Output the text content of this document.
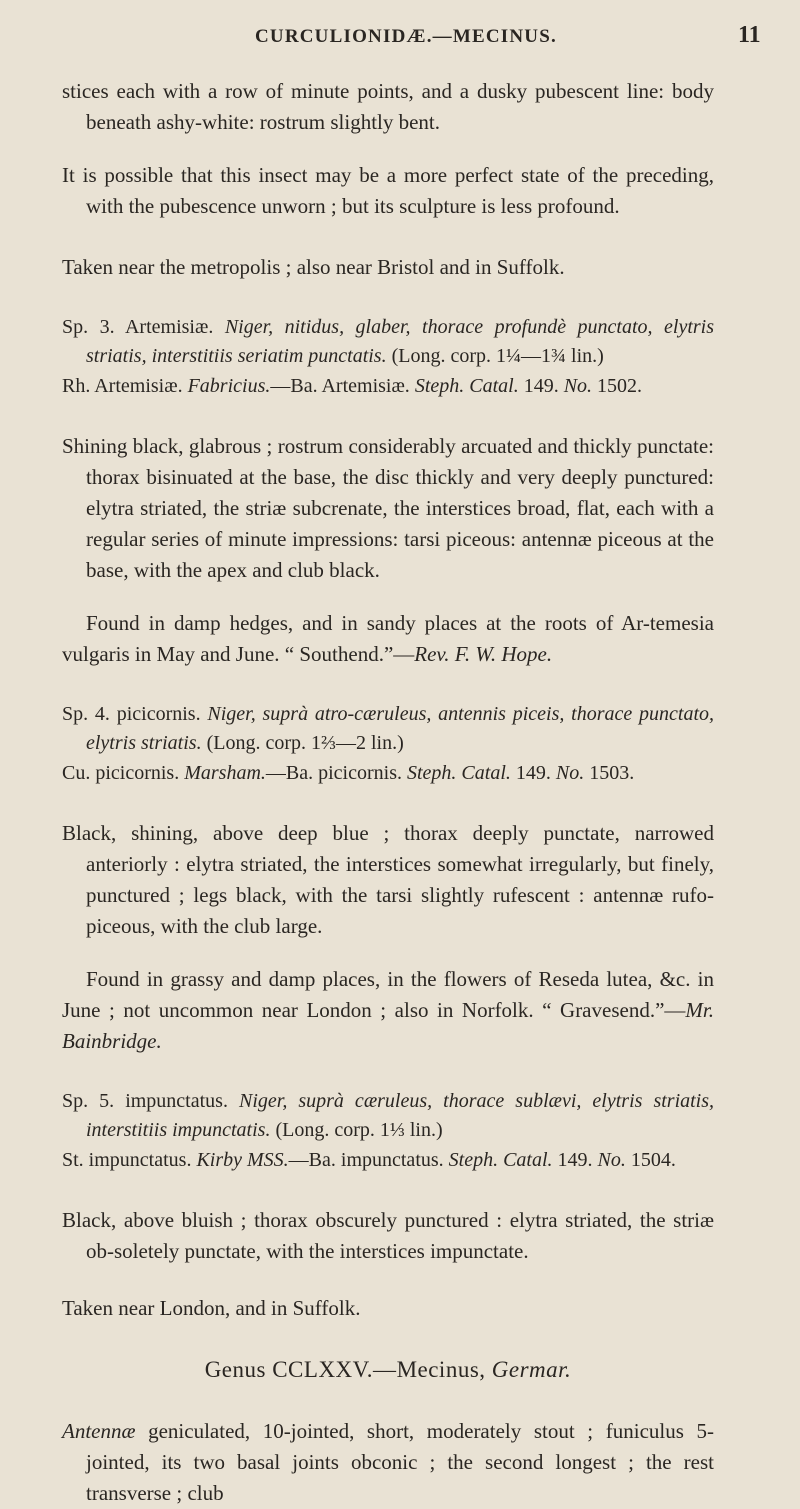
CURCULIONIDÆ.—MECINUS.	11

stices each with a row of minute points, and a dusky pubescent line: body beneath ashy-white: rostrum slightly bent.

It is possible that this insect may be a more perfect state of the preceding, with the pubescence unworn ; but its sculpture is less profound.

Taken near the metropolis ; also near Bristol and in Suffolk.

Sp. 3. Artemisiæ. Niger, nitidus, glaber, thorace profundè punctato, elytris striatis, interstitiis seriatim punctatis. (Long. corp. 1¼—1¾ lin.)

Rh. Artemisiæ. Fabricius.—Ba. Artemisiæ. Steph. Catal. 149. No. 1502.

Shining black, glabrous ; rostrum considerably arcuated and thickly punctate: thorax bisinuated at the base, the disc thickly and very deeply punctured: elytra striated, the striæ subcrenate, the interstices broad, flat, each with a regular series of minute impressions: tarsi piceous: antennæ piceous at the base, with the apex and club black.

Found in damp hedges, and in sandy places at the roots of Ar-temesia vulgaris in May and June. “ Southend.”—Rev. F. W. Hope.

Sp. 4. picicornis. Niger, suprà atro-cæruleus, antennis piceis, thorace punctato, elytris striatis. (Long. corp. 1⅔—2 lin.)

Cu. picicornis. Marsham.—Ba. picicornis. Steph. Catal. 149. No. 1503.

Black, shining, above deep blue ; thorax deeply punctate, narrowed anteriorly : elytra striated, the interstices somewhat irregularly, but finely, punctured ; legs black, with the tarsi slightly rufescent : antennæ rufo-piceous, with the club large.

Found in grassy and damp places, in the flowers of Reseda lutea, &c. in June ; not uncommon near London ; also in Norfolk. “ Gravesend.”—Mr. Bainbridge.

Sp. 5. impunctatus. Niger, suprà cæruleus, thorace sublævi, elytris striatis, interstitiis impunctatis. (Long. corp. 1⅓ lin.)

St. impunctatus. Kirby MSS.—Ba. impunctatus. Steph. Catal. 149. No. 1504.

Black, above bluish ; thorax obscurely punctured : elytra striated, the striæ ob-soletely punctate, with the interstices impunctate.

Taken near London, and in Suffolk.

Genus CCLXXV.—Mecinus, Germar.

Antennæ geniculated, 10-jointed, short, moderately stout ; funiculus 5-jointed, its two basal joints obconic ; the second longest ; the rest transverse ; club
